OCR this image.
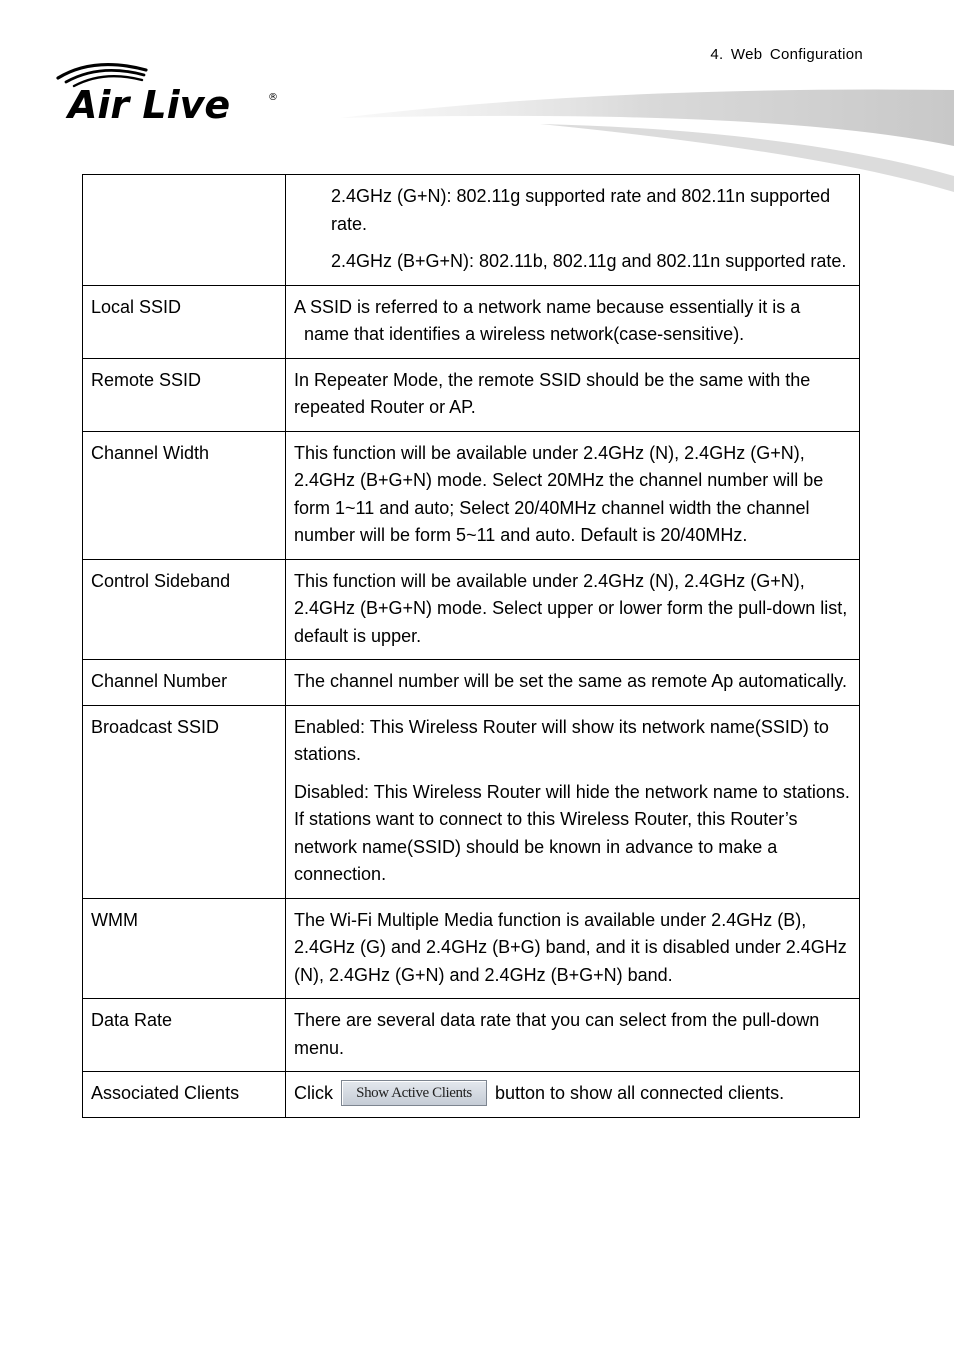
4. Web Configuration
Air Live	®

	2.4GHz (G+N): 802.11g supported rate and 802.11n supported rate.

2.4GHz (B+G+N): 802.11b, 802.11g and 802.11n supported rate.

Local SSID	A SSID is referred to a network name because essentially it is a

name that identifies a wireless network(case-sensitive).

Remote SSID	In Repeater Mode, the remote SSID should be the same with the repeated Router or AP.
Channel Width	This function will be available under 2.4GHz (N), 2.4GHz (G+N), 2.4GHz (B+G+N) mode. Select 20MHz the channel number will be form 1~11 and auto; Select 20/40MHz channel width the channel number will be form 5~11 and auto. Default is 20/40MHz.
Control Sideband	This function will be available under 2.4GHz (N), 2.4GHz (G+N), 2.4GHz (B+G+N) mode. Select upper or lower form the pull-down list, default is upper.
Channel Number	The channel number will be set the same as remote Ap automatically.
Broadcast SSID	Enabled: This Wireless Router will show its network name(SSID) to stations.

Disabled: This Wireless Router will hide the network name to stations. If stations want to connect to this Wireless Router, this Router’s network name(SSID) should be known in advance to make a connection.

WMM	The Wi-Fi Multiple Media function is available under 2.4GHz (B), 2.4GHz (G) and 2.4GHz (B+G) band, and it is disabled under 2.4GHz (N), 2.4GHz (G+N) and 2.4GHz (B+G+N) band.
Data Rate	There are several data rate that you can select from the pull-down menu.
Associated Clients	Click Show Active Clients button to show all connected clients.
